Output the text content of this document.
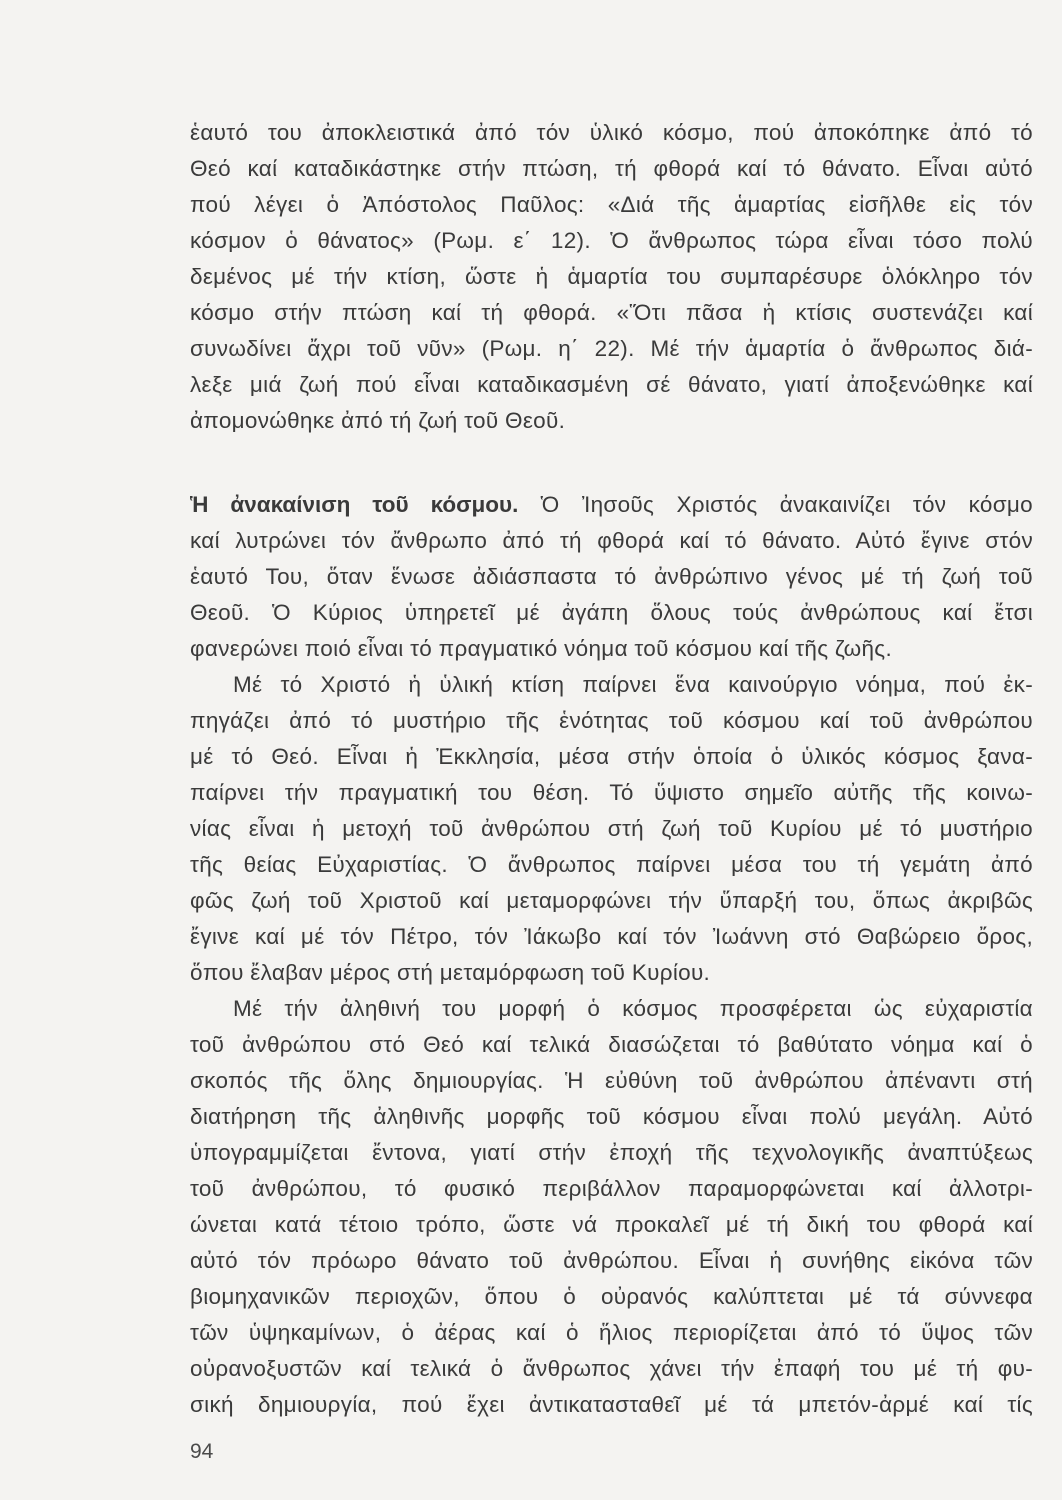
ἑαυτό του ἀποκλειστικά ἀπό τόν ὑλικό κόσμο, πού ἀποκόπηκε ἀπό τό
Θεό καί καταδικάστηκε στήν πτώση, τή φθορά καί τό θάνατο. Εἶναι αὐτό
πού λέγει ὁ Ἀπόστολος Παῦλος: «Διά τῆς ἁμαρτίας εἰσῆλθε εἰς τόν
κόσμον ὁ θάνατος» (Ρωμ. ε΄ 12). Ὁ ἄνθρωπος τώρα εἶναι τόσο πολύ
δεμένος μέ τήν κτίση, ὥστε ἡ ἁμαρτία του συμπαρέσυρε ὁλόκληρο τόν
κόσμο στήν πτώση καί τή φθορά. «Ὅτι πᾶσα ἡ κτίσις συστενάζει καί
συνωδίνει ἄχρι τοῦ νῦν» (Ρωμ. η΄ 22). Μέ τήν ἁμαρτία ὁ ἄνθρωπος διά-
λεξε μιά ζωή πού εἶναι καταδικασμένη σέ θάνατο, γιατί ἀποξενώθηκε καί
ἀπομονώθηκε ἀπό τή ζωή τοῦ Θεοῦ.
Ἡ ἀνακαίνιση τοῦ κόσμου. Ὁ Ἰησοῦς Χριστός ἀνακαινίζει τόν κόσμο
καί λυτρώνει τόν ἄνθρωπο ἀπό τή φθορά καί τό θάνατο. Αὐτό ἔγινε στόν
ἑαυτό Του, ὅταν ἕνωσε ἀδιάσπαστα τό ἀνθρώπινο γένος μέ τή ζωή τοῦ
Θεοῦ. Ὁ Κύριος ὑπηρετεῖ μέ ἀγάπη ὅλους τούς ἀνθρώπους καί ἔτσι
φανερώνει ποιό εἶναι τό πραγματικό νόημα τοῦ κόσμου καί τῆς ζωῆς.
Μέ τό Χριστό ἡ ὑλική κτίση παίρνει ἕνα καινούργιο νόημα, πού ἐκ-
πηγάζει ἀπό τό μυστήριο τῆς ἑνότητας τοῦ κόσμου καί τοῦ ἀνθρώπου
μέ τό Θεό. Εἶναι ἡ Ἐκκλησία, μέσα στήν ὁποία ὁ ὑλικός κόσμος ξανα-
παίρνει τήν πραγματική του θέση. Τό ὕψιστο σημεῖο αὐτῆς τῆς κοινω-
νίας εἶναι ἡ μετοχή τοῦ ἀνθρώπου στή ζωή τοῦ Κυρίου μέ τό μυστήριο
τῆς θείας Εὐχαριστίας. Ὁ ἄνθρωπος παίρνει μέσα του τή γεμάτη ἀπό
φῶς ζωή τοῦ Χριστοῦ καί μεταμορφώνει τήν ὕπαρξή του, ὅπως ἀκριβῶς
ἔγινε καί μέ τόν Πέτρο, τόν Ἰάκωβο καί τόν Ἰωάννη στό Θαβώρειο ὄρος,
ὅπου ἔλαβαν μέρος στή μεταμόρφωση τοῦ Κυρίου.
Μέ τήν ἀληθινή του μορφή ὁ κόσμος προσφέρεται ὡς εὐχαριστία
τοῦ ἀνθρώπου στό Θεό καί τελικά διασώζεται τό βαθύτατο νόημα καί ὁ
σκοπός τῆς ὅλης δημιουργίας. Ἡ εὐθύνη τοῦ ἀνθρώπου ἀπέναντι στή
διατήρηση τῆς ἀληθινῆς μορφῆς τοῦ κόσμου εἶναι πολύ μεγάλη. Αὐτό
ὑπογραμμίζεται ἔντονα, γιατί στήν ἐποχή τῆς τεχνολογικῆς ἀναπτύξεως
τοῦ ἀνθρώπου, τό φυσικό περιβάλλον παραμορφώνεται καί ἀλλοτρι-
ώνεται κατά τέτοιο τρόπο, ὥστε νά προκαλεῖ μέ τή δική του φθορά καί
αὐτό τόν πρόωρο θάνατο τοῦ ἀνθρώπου. Εἶναι ἡ συνήθης εἰκόνα τῶν
βιομηχανικῶν περιοχῶν, ὅπου ὁ οὐρανός καλύπτεται μέ τά σύννεφα
τῶν ὑψηκαμίνων, ὁ ἀέρας καί ὁ ἥλιος περιορίζεται ἀπό τό ὕψος τῶν
οὐρανοξυστῶν καί τελικά ὁ ἄνθρωπος χάνει τήν ἐπαφή του μέ τή φυ-
σική δημιουργία, πού ἔχει ἀντικατασταθεῖ μέ τά μπετόν-ἀρμέ καί τίς
94
